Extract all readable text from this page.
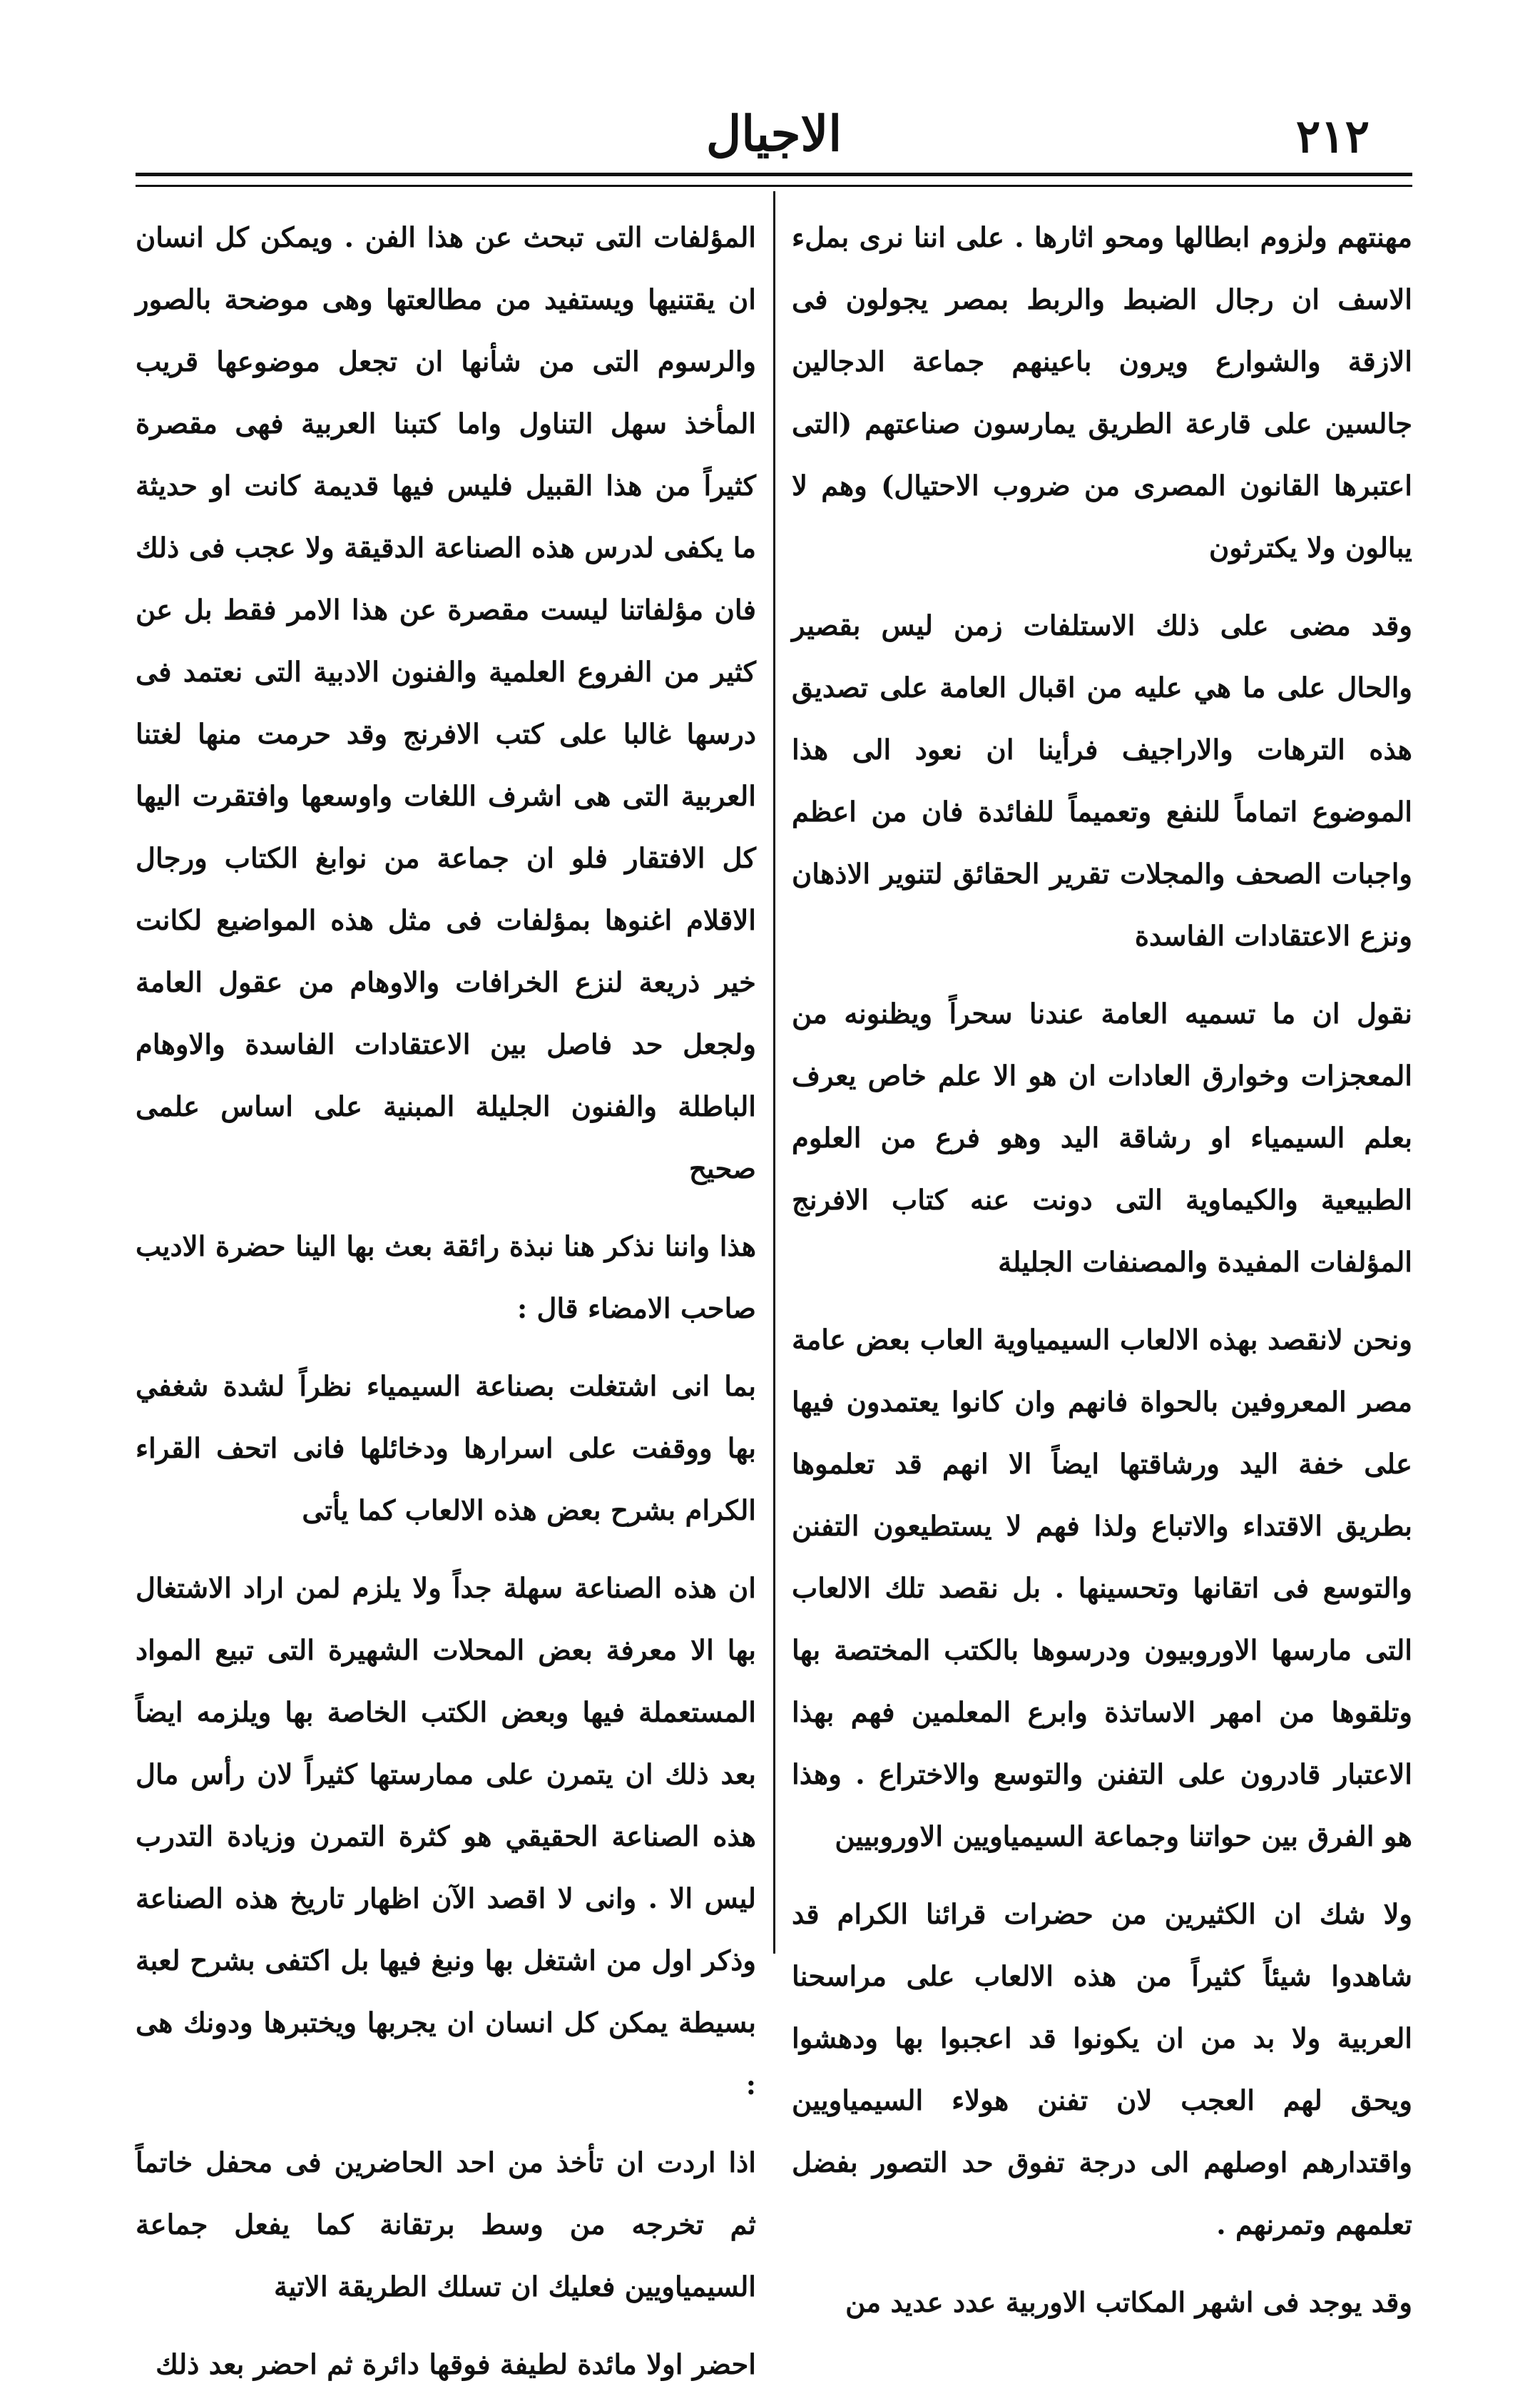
٢١٢
الاجيال

مهنتهم ولزوم ابطالها ومحو اثارها . على اننا نرى بملء الاسف ان رجال الضبط والربط بمصر يجولون فى الازقة والشوارع ويرون باعينهم جماعة الدجالين جالسين على قارعة الطريق يمارسون صناعتهم (التى اعتبرها القانون المصرى من ضروب الاحتيال) وهم لا يبالون ولا يكترثون

وقد مضى على ذلك الاستلفات زمن ليس بقصير والحال على ما هي عليه من اقبال العامة على تصديق هذه الترهات والاراجيف فرأينا ان نعود الى هذا الموضوع اتماماً للنفع وتعميماً للفائدة فان من اعظم واجبات الصحف والمجلات تقرير الحقائق لتنوير الاذهان ونزع الاعتقادات الفاسدة

نقول ان ما تسميه العامة عندنا سحراً ويظنونه من المعجزات وخوارق العادات ان هو الا علم خاص يعرف بعلم السيمياء او رشاقة اليد وهو فرع من العلوم الطبيعية والكيماوية التى دونت عنه كتاب الافرنج المؤلفات المفيدة والمصنفات الجليلة

ونحن لانقصد بهذه الالعاب السيمياوية العاب بعض عامة مصر المعروفين بالحواة فانهم وان كانوا يعتمدون فيها على خفة اليد ورشاقتها ايضاً الا انهم قد تعلموها بطريق الاقتداء والاتباع ولذا فهم لا يستطيعون التفنن والتوسع فى اتقانها وتحسينها . بل نقصد تلك الالعاب التى مارسها الاوروبيون ودرسوها بالكتب المختصة بها وتلقوها من امهر الاساتذة وابرع المعلمين فهم بهذا الاعتبار قادرون على التفنن والتوسع والاختراع . وهذا هو الفرق بين حواتنا وجماعة السيمياويين الاوروبيين

ولا شك ان الكثيرين من حضرات قرائنا الكرام قد شاهدوا شيئاً كثيراً من هذه الالعاب على مراسحنا العربية ولا بد من ان يكونوا قد اعجبوا بها ودهشوا ويحق لهم العجب لان تفنن هولاء السيمياويين واقتدارهم اوصلهم الى درجة تفوق حد التصور بفضل تعلمهم وتمرنهم .

وقد يوجد فى اشهر المكاتب الاوربية عدد عديد من

المؤلفات التى تبحث عن هذا الفن . ويمكن كل انسان ان يقتنيها ويستفيد من مطالعتها وهى موضحة بالصور والرسوم التى من شأنها ان تجعل موضوعها قريب المأخذ سهل التناول واما كتبنا العربية فهى مقصرة كثيراً من هذا القبيل فليس فيها قديمة كانت او حديثة ما يكفى لدرس هذه الصناعة الدقيقة ولا عجب فى ذلك فان مؤلفاتنا ليست مقصرة عن هذا الامر فقط بل عن كثير من الفروع العلمية والفنون الادبية التى نعتمد فى درسها غالبا على كتب الافرنج وقد حرمت منها لغتنا العربية التى هى اشرف اللغات واوسعها وافتقرت اليها كل الافتقار فلو ان جماعة من نوابغ الكتاب ورجال الاقلام اغنوها بمؤلفات فى مثل هذه المواضيع لكانت خير ذريعة لنزع الخرافات والاوهام من عقول العامة ولجعل حد فاصل بين الاعتقادات الفاسدة والاوهام الباطلة والفنون الجليلة المبنية على اساس علمى صحيح

هذا واننا نذكر هنا نبذة رائقة بعث بها الينا حضرة الاديب صاحب الامضاء قال :

بما انى اشتغلت بصناعة السيمياء نظراً لشدة شغفي بها ووقفت على اسرارها ودخائلها فانى اتحف القراء الكرام بشرح بعض هذه الالعاب كما يأتى

ان هذه الصناعة سهلة جداً ولا يلزم لمن اراد الاشتغال بها الا معرفة بعض المحلات الشهيرة التى تبيع المواد المستعملة فيها وبعض الكتب الخاصة بها ويلزمه ايضاً بعد ذلك ان يتمرن على ممارستها كثيراً لان رأس مال هذه الصناعة الحقيقي هو كثرة التمرن وزيادة التدرب ليس الا . وانى لا اقصد الآن اظهار تاريخ هذه الصناعة وذكر اول من اشتغل بها ونبغ فيها بل اكتفى بشرح لعبة بسيطة يمكن كل انسان ان يجربها ويختبرها ودونك هى :

اذا اردت ان تأخذ من احد الحاضرين فى محفل خاتماً ثم تخرجه من وسط برتقانة كما يفعل جماعة السيمياويين فعليك ان تسلك الطريقة الاتية

احضر اولا مائدة لطيفة فوقها دائرة ثم احضر بعد ذلك
